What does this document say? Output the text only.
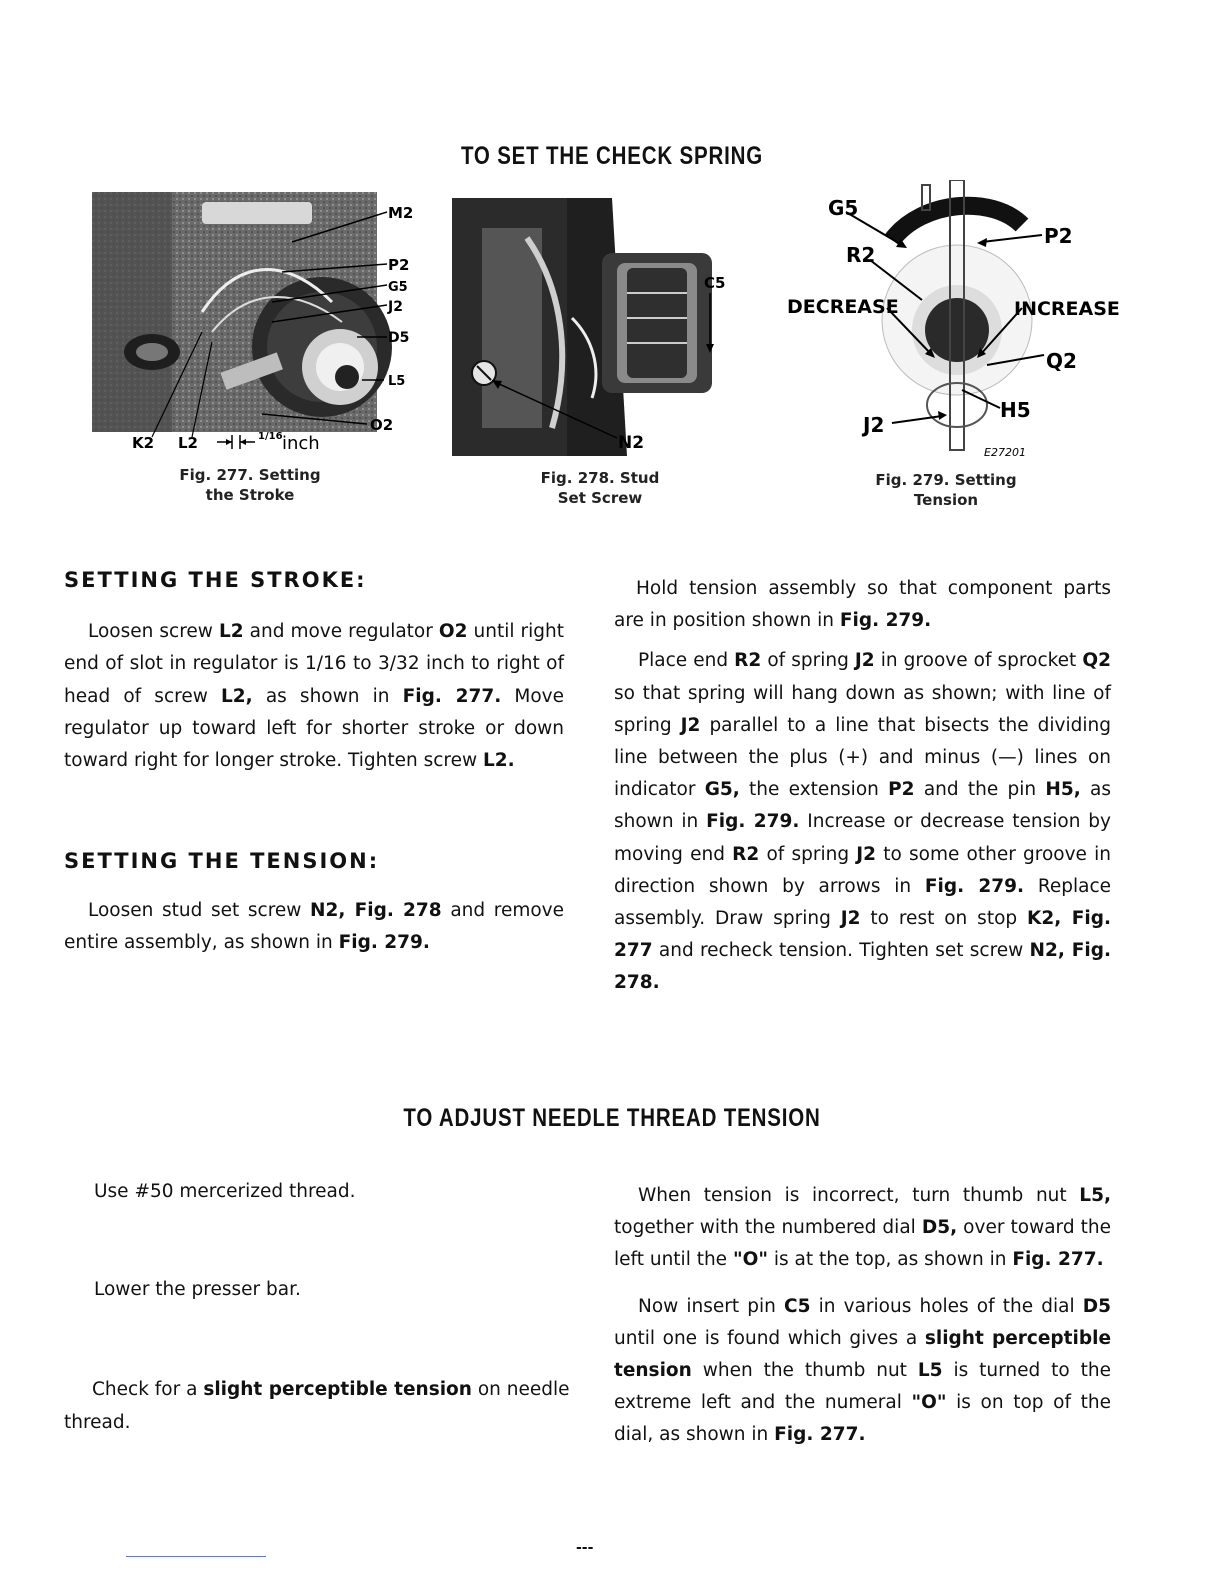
TO SET THE CHECK SPRING
M2
P2
G5
J2
D5
L5
O2
K2 L2	1/16 inch
Fig. 277. Setting
the Stroke
C5
N2
Fig. 278. Stud
Set Screw
G5
R2
P2
DECREASE	INCREASE
Q2
H5
J2
E27201
Fig. 279. Setting
Tension

SETTING THE STROKE:

Loosen screw L2 and move regulator O2 until right end of slot in regulator is 1/16 to 3/32 inch to right of head of screw L2, as shown in Fig. 277. Move regulator up toward left for shorter stroke or down toward right for longer stroke. Tighten screw L2.

SETTING THE TENSION:

Loosen stud set screw N2, Fig. 278 and remove entire assembly, as shown in Fig. 279.

Hold tension assembly so that component parts are in position shown in Fig. 279.

Place end R2 of spring J2 in groove of sprocket Q2 so that spring will hang down as shown; with line of spring J2 parallel to a line that bisects the dividing line between the plus (+) and minus (—) lines on indicator G5, the extension P2 and the pin H5, as shown in Fig. 279. Increase or decrease tension by moving end R2 of spring J2 to some other groove in direction shown by arrows in Fig. 279. Replace assembly. Draw spring J2 to rest on stop K2, Fig. 277 and recheck tension. Tighten set screw N2, Fig. 278.

TO ADJUST NEEDLE THREAD TENSION

Use #50 mercerized thread.

Lower the presser bar.

Check for a slight perceptible tension on needle thread.

When tension is incorrect, turn thumb nut L5, together with the numbered dial D5, over toward the left until the "O" is at the top, as shown in Fig. 277.

Now insert pin C5 in various holes of the dial D5 until one is found which gives a slight perceptible tension when the thumb nut L5 is turned to the extreme left and the numeral "O" is on top of the dial, as shown in Fig. 277.

---
